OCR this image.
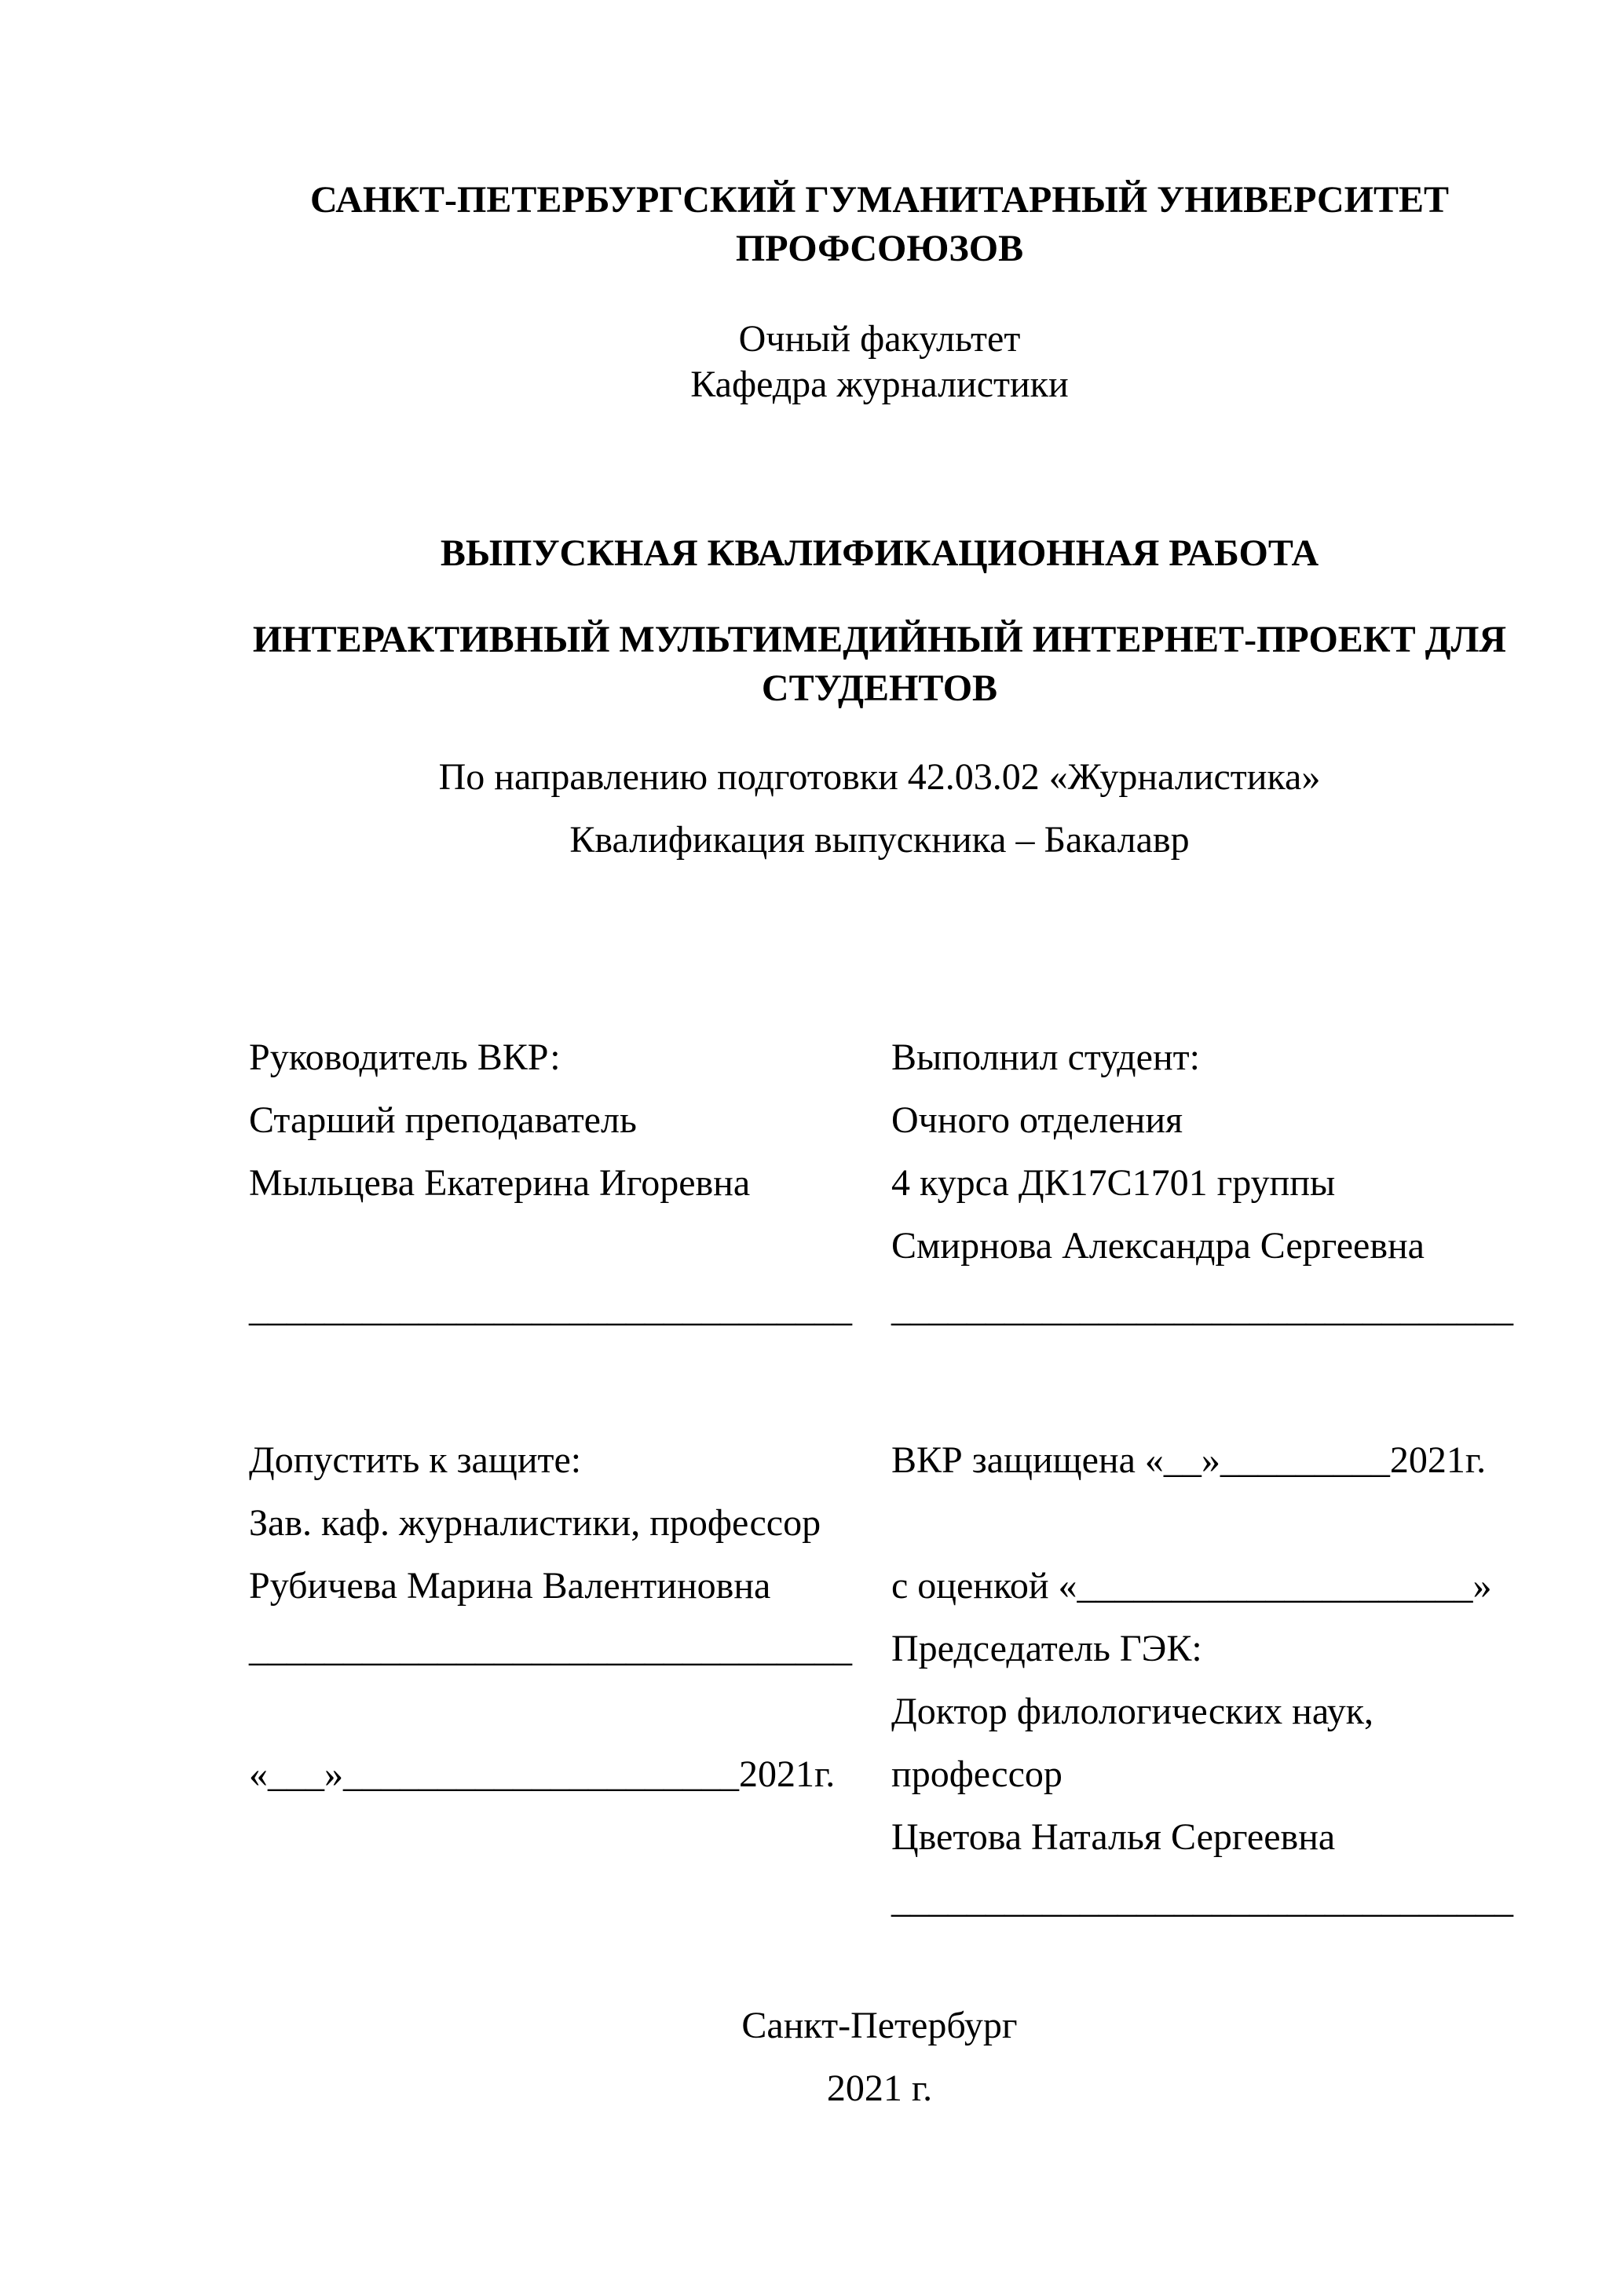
САНКТ-ПЕТЕРБУРГСКИЙ ГУМАНИТАРНЫЙ УНИВЕРСИТЕТ ПРОФСОЮЗОВ
Очный факультет
Кафедра журналистики
ВЫПУСКНАЯ КВАЛИФИКАЦИОННАЯ РАБОТА
ИНТЕРАКТИВНЫЙ МУЛЬТИМЕДИЙНЫЙ ИНТЕРНЕТ-ПРОЕКТ ДЛЯ СТУДЕНТОВ
По направлению подготовки 42.03.02 «Журналистика»
Квалификация выпускника – Бакалавр
Руководитель ВКР:
Старший преподаватель
Мыльцева Екатерина Игоревна
________________________________
Выполнил студент:
Очного отделения
4 курса ДК17С1701 группы
Смирнова Александра Сергеевна
_________________________________
Допустить к защите:
Зав. каф. журналистики, профессор
Рубичева Марина Валентиновна
________________________________
«___»_____________________2021г.
ВКР защищена «__»_________2021г.
с оценкой «_____________________»
Председатель ГЭК:
Доктор филологических наук,
профессор
Цветова Наталья Сергеевна
_________________________________
Санкт-Петербург
2021 г.
